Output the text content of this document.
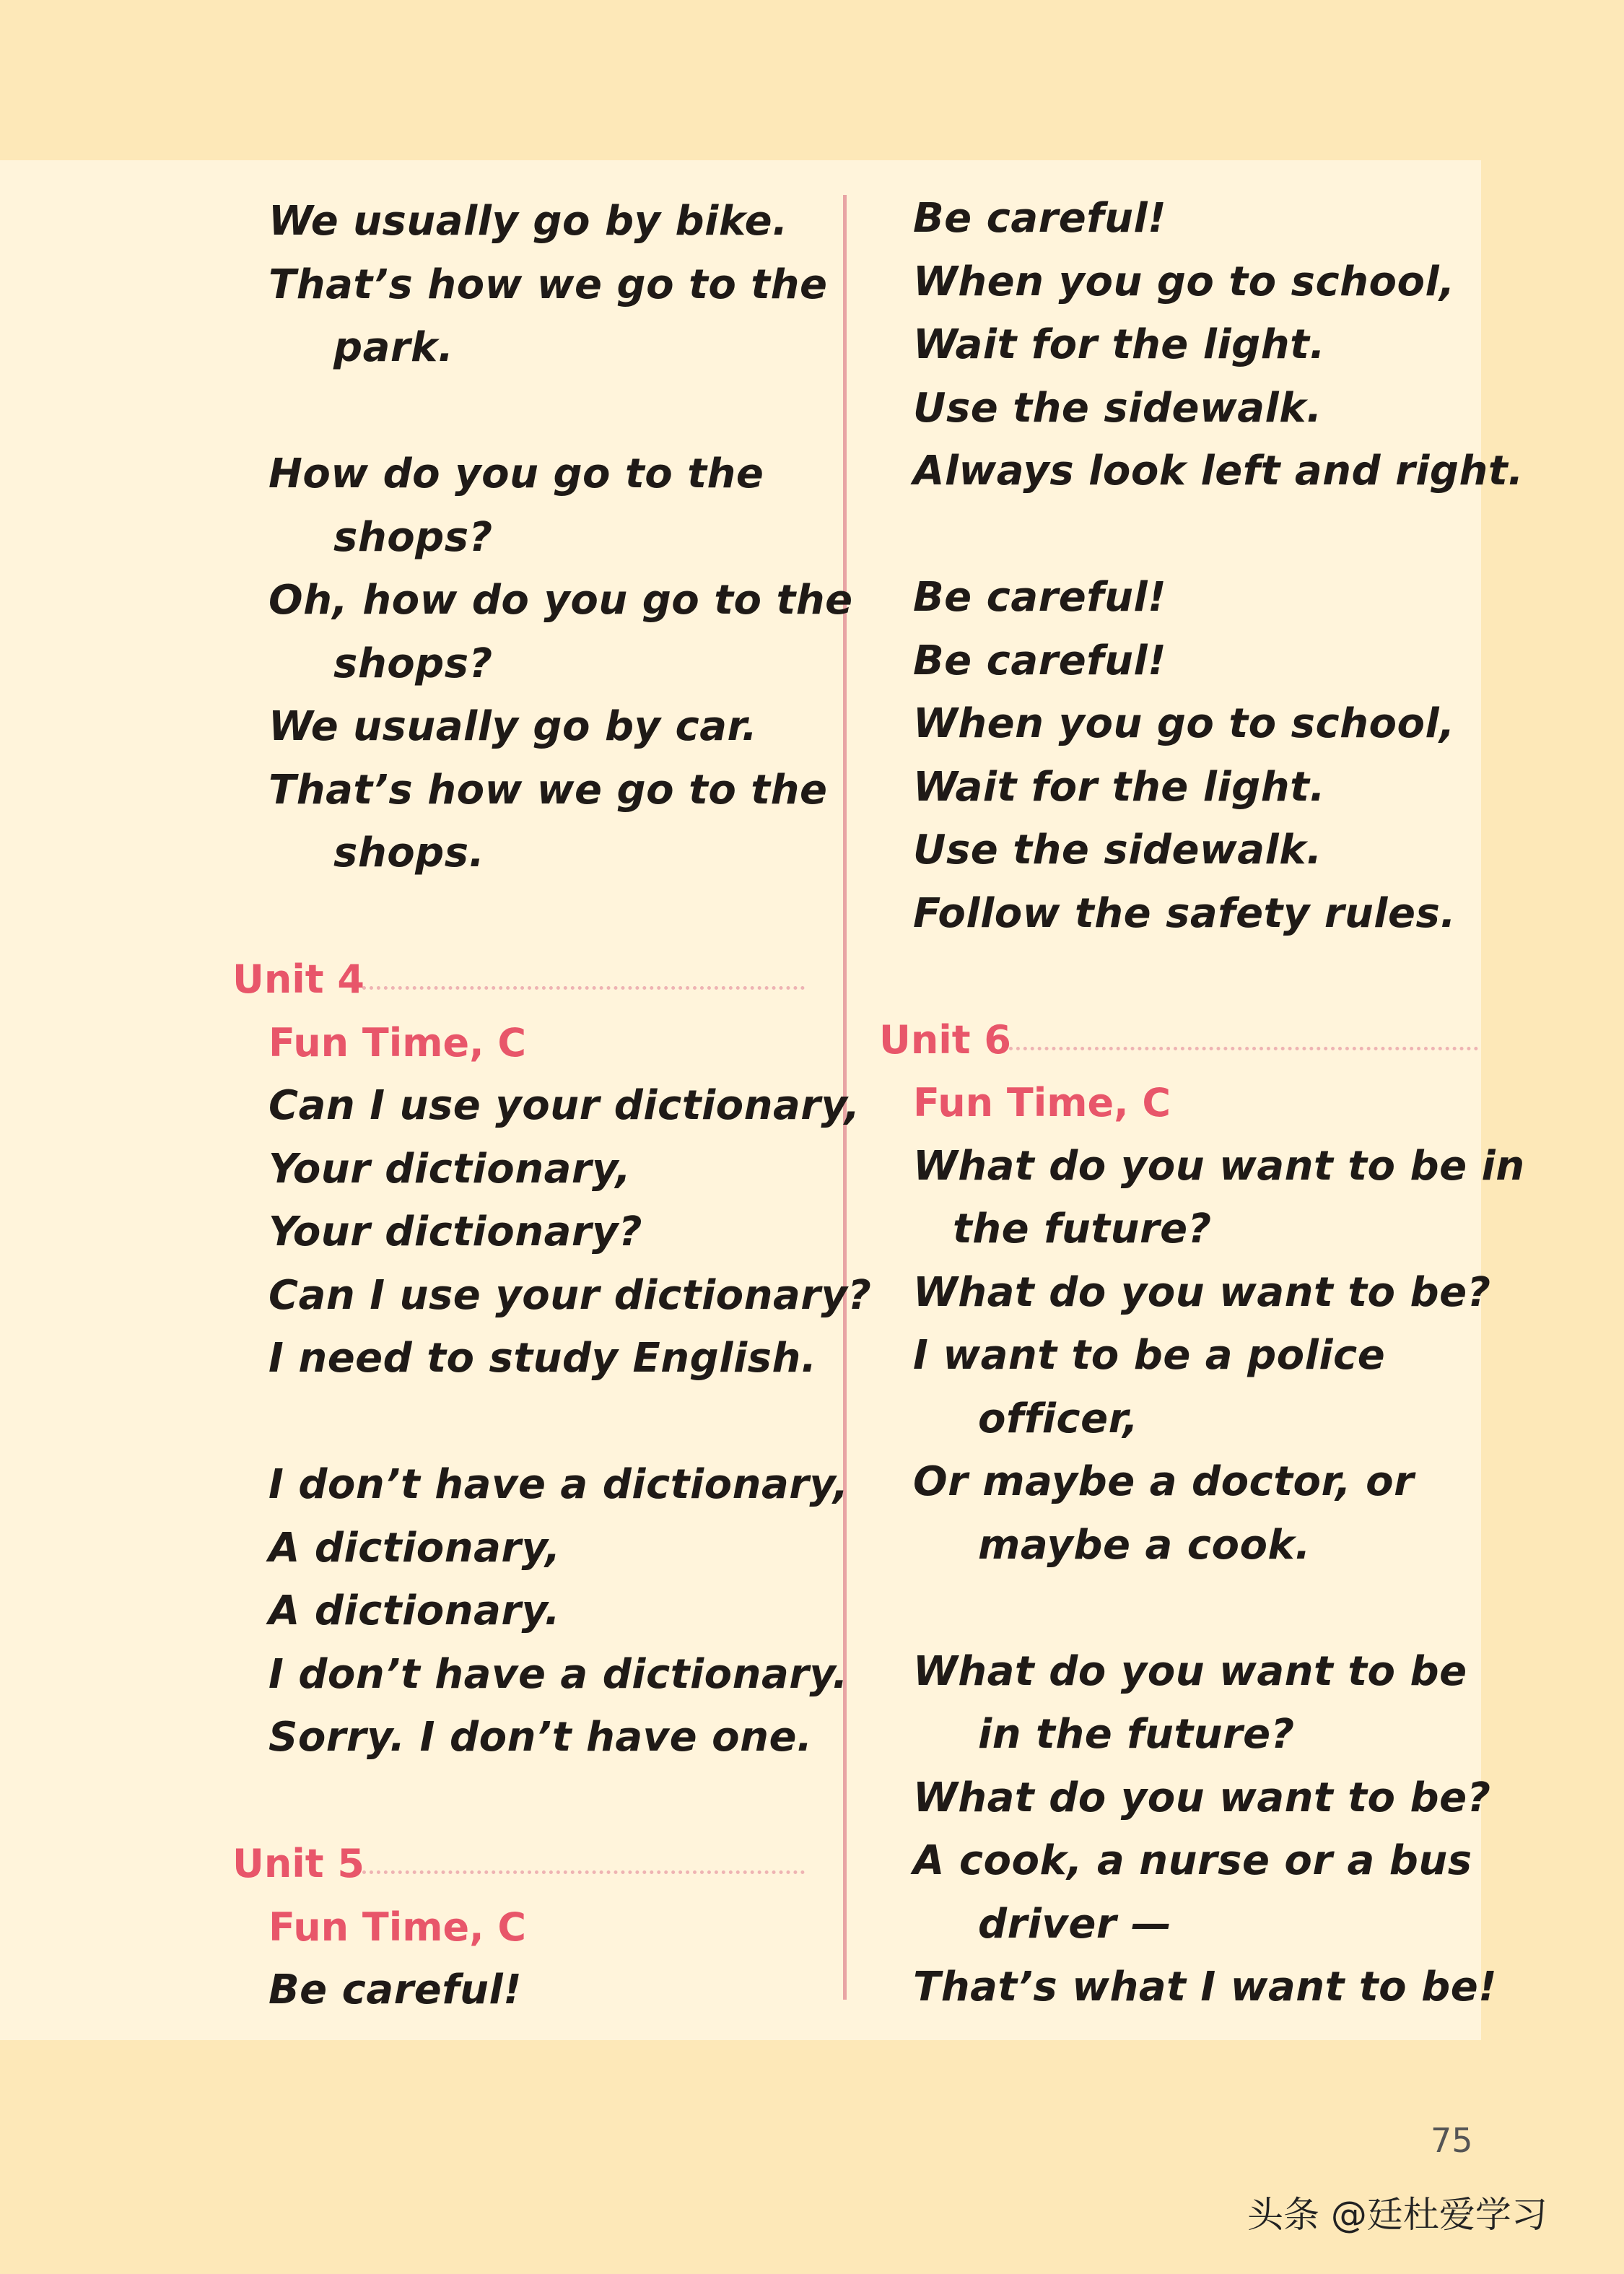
We usually go by bike.
That’s how we go to the
park.
How do you go to the
shops?
Oh, how do you go to the
shops?
We usually go by car.
That’s how we go to the
shops.
Unit 4
Fun Time, C
Can I use your dictionary,
Your dictionary,
Your dictionary?
Can I use your dictionary?
I need to study English.
I don’t have a dictionary,
A dictionary,
A dictionary.
I don’t have a dictionary.
Sorry. I don’t have one.
Unit 5
Fun Time, C
Be careful!
Be careful!
When you go to school,
Wait for the light.
Use the sidewalk.
Always look left and right.
Be careful!
Be careful!
When you go to school,
Wait for the light.
Use the sidewalk.
Follow the safety rules.
Unit 6
Fun Time, C
What do you want to be in
the future?
What do you want to be?
I want to be a police
officer,
Or maybe a doctor, or
maybe a cook.
What do you want to be
in the future?
What do you want to be?
A cook, a nurse or a bus
driver —
That’s what I want to be!
75
头条 @廷杜爱学习
